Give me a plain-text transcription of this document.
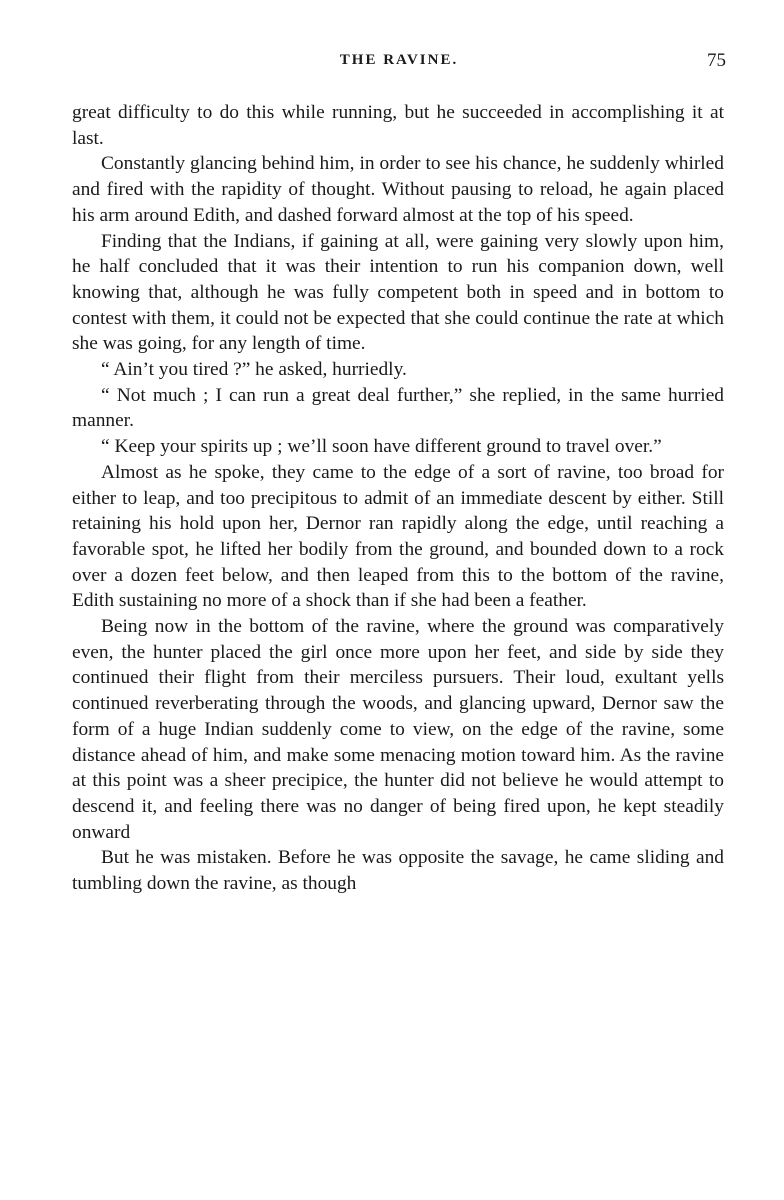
THE RAVINE.	75

great difficulty to do this while running, but he succeeded in accomplishing it at last.

Constantly glancing behind him, in order to see his chance, he suddenly whirled and fired with the rapidity of thought. Without pausing to reload, he again placed his arm around Edith, and dashed forward almost at the top of his speed.

Finding that the Indians, if gaining at all, were gaining very slowly upon him, he half concluded that it was their intention to run his companion down, well knowing that, although he was fully competent both in speed and in bottom to contest with them, it could not be expected that she could continue the rate at which she was going, for any length of time.

“ Ain’t you tired ?” he asked, hurriedly.

“ Not much ; I can run a great deal further,” she replied, in the same hurried manner.

“ Keep your spirits up ; we’ll soon have different ground to travel over.”

Almost as he spoke, they came to the edge of a sort of ravine, too broad for either to leap, and too precipitous to admit of an immediate descent by either. Still retaining his hold upon her, Dernor ran rapidly along the edge, until reaching a favorable spot, he lifted her bodily from the ground, and bounded down to a rock over a dozen feet below, and then leaped from this to the bottom of the ravine, Edith sustaining no more of a shock than if she had been a feather.

Being now in the bottom of the ravine, where the ground was comparatively even, the hunter placed the girl once more upon her feet, and side by side they continued their flight from their merciless pursuers. Their loud, exultant yells continued reverberating through the woods, and glancing upward, Dernor saw the form of a huge Indian suddenly come to view, on the edge of the ravine, some distance ahead of him, and make some menacing motion toward him. As the ravine at this point was a sheer precipice, the hunter did not believe he would attempt to descend it, and feeling there was no danger of being fired upon, he kept steadily onward

But he was mistaken. Before he was opposite the savage, he came sliding and tumbling down the ravine, as though
